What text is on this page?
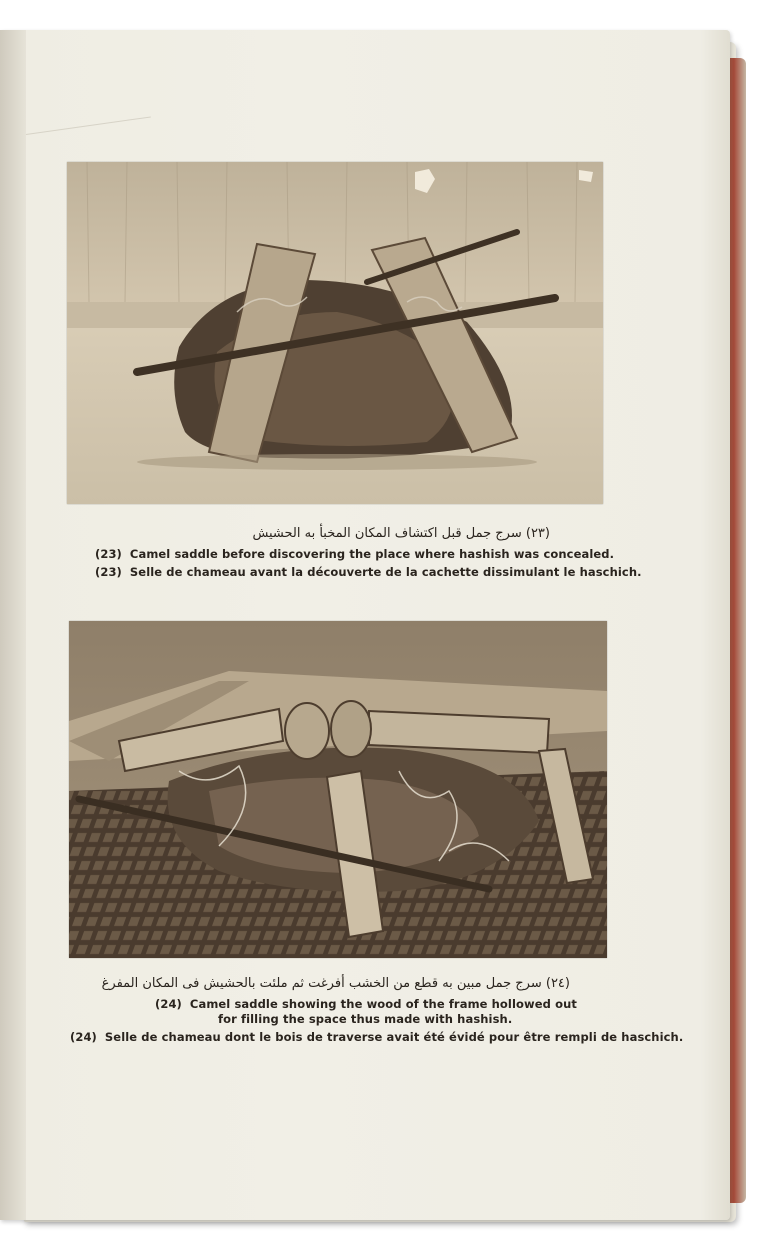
(٢٣) سرج جمل قبل اكتشاف المكان المخبأ به الحشيش
(23) Camel saddle before discovering the place where hashish was concealed.
(23) Selle de chameau avant la découverte de la cachette dissimulant le haschich.
(٢٤) سرج جمل مبين به قطع من الخشب أفرغت ثم ملئت بالحشيش فى المكان المفرغ
(24) Camel saddle showing the wood of the frame hollowed out
for filling the space thus made with hashish.
(24) Selle de chameau dont le bois de traverse avait été évidé pour être rempli de haschich.
